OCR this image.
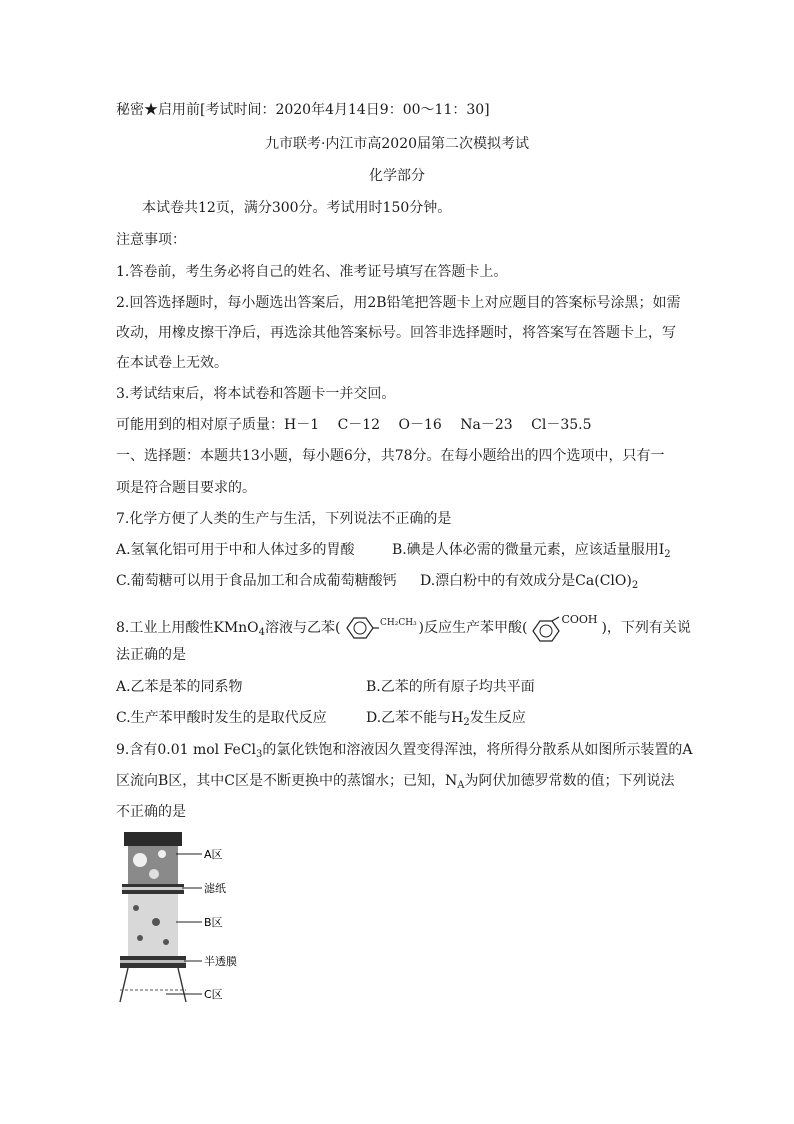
秘密★启用前[考试时间：2020年4月14日9：00～11：30]
九市联考·内江市高2020届第二次模拟考试
化学部分
本试卷共12页，满分300分。考试用时150分钟。
注意事项：
1.答卷前，考生务必将自己的姓名、准考证号填写在答题卡上。
2.回答选择题时，每小题选出答案后，用2B铅笔把答题卡上对应题目的答案标号涂黑；如需
改动，用橡皮擦干净后，再选涂其他答案标号。回答非选择题时，将答案写在答题卡上，写
在本试卷上无效。
3.考试结束后，将本试卷和答题卡一并交回。
可能用到的相对原子质量：H－1　 C－12　 O－16　 Na－23　 Cl－35.5
一、选择题：本题共13小题，每小题6分，共78分。在每小题给出的四个选项中，只有一
项是符合题目要求的。
7.化学方便了人类的生产与生活，下列说法不正确的是
A.氢氧化铝可用于中和人体过多的胃酸	B.碘是人体必需的微量元素，应该适量服用$I_2$
C.葡萄糖可以用于食品加工和合成葡萄糖酸钙 D.漂白粉中的有效成分是$Ca(ClO)_2$
8.工业上用酸性KMnO$_4$溶液与乙苯(	CH₂CH₃ )反应生产苯甲酸(
COOH
)，下列有关说
法正确的是
A.乙苯是苯的同系物	B.乙苯的所有原子均共平面
C.生产苯甲酸时发生的是取代反应	D.乙苯不能与$H_2$发生反应
9.含有0.01 mol FeCl$_3$的氯化铁饱和溶液因久置变得浑浊，将所得分散系从如图所示装置的A
区流向B区，其中C区是不断更换中的蒸馏水；已知，$N_A$为阿伏加德罗常数的值；下列说法
不正确的是
A区
滤纸
B区
半透膜
C区
